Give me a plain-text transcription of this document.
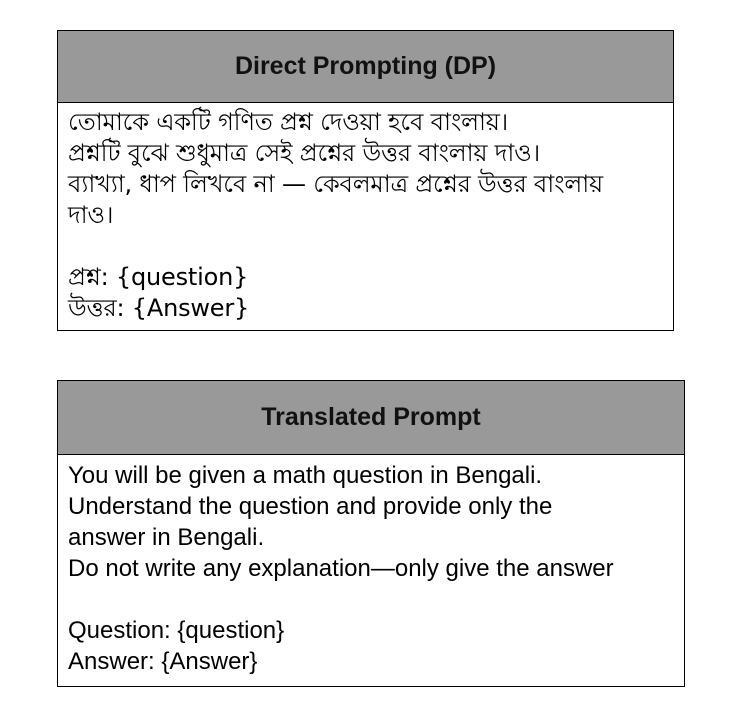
Direct Prompting (DP)
তোমাকে একটি গণিত প্রশ্ন দেওয়া হবে বাংলায়।
প্রশ্নটি বুঝে শুধুমাত্র সেই প্রশ্নের উত্তর বাংলায় দাও।
ব্যাখ্যা, ধাপ লিখবে না — কেবলমাত্র প্রশ্নের উত্তর বাংলায়
দাও।
প্রশ্ন: {question}
উত্তর: {Answer}
Translated Prompt
You will be given a math question in Bengali.
Understand the question and provide only the
answer in Bengali.
Do not write any explanation—only give the answer
Question: {question}
Answer: {Answer}
